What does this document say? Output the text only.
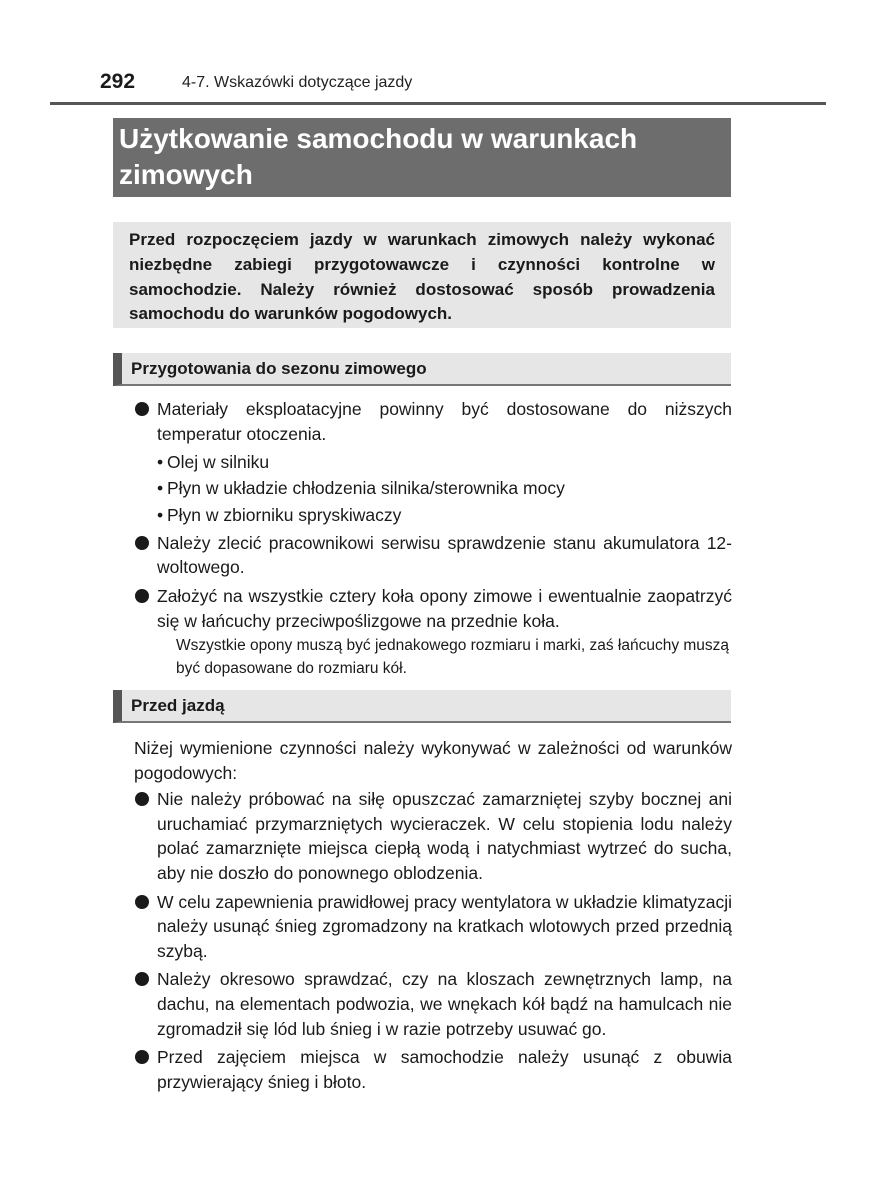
292	4-7. Wskazówki dotyczące jazdy
Użytkowanie samochodu w warunkach zimowych

Przed rozpoczęciem jazdy w warunkach zimowych należy wykonać niezbędne zabiegi przygotowawcze i czynności kontrolne w samochodzie. Należy również dostosować sposób prowadzenia samochodu do warunków pogodowych.

Przygotowania do sezonu zimowego
Materiały eksploatacyjne powinny być dostosowane do niższych temperatur otoczenia.
• Olej w silniku
• Płyn w układzie chłodzenia silnika/sterownika mocy
• Płyn w zbiorniku spryskiwaczy
Należy zlecić pracownikowi serwisu sprawdzenie stanu akumulatora 12-woltowego.
Założyć na wszystkie cztery koła opony zimowe i ewentualnie zaopatrzyć się w łańcuchy przeciwpoślizgowe na przednie koła.
Wszystkie opony muszą być jednakowego rozmiaru i marki, zaś łańcuchy muszą być dopasowane do rozmiaru kół.
Przed jazdą

Niżej wymienione czynności należy wykonywać w zależności od warunków pogodowych:

Nie należy próbować na siłę opuszczać zamarzniętej szyby bocznej ani uruchamiać przymarzniętych wycieraczek. W celu stopienia lodu należy polać zamarznięte miejsca ciepłą wodą i natychmiast wytrzeć do sucha, aby nie doszło do ponownego oblodzenia.
W celu zapewnienia prawidłowej pracy wentylatora w układzie klimatyzacji należy usunąć śnieg zgromadzony na kratkach wlotowych przed przednią szybą.
Należy okresowo sprawdzać, czy na kloszach zewnętrznych lamp, na dachu, na elementach podwozia, we wnękach kół bądź na hamulcach nie zgromadził się lód lub śnieg i w razie potrzeby usuwać go.
Przed zajęciem miejsca w samochodzie należy usunąć z obuwia przywierający śnieg i błoto.
